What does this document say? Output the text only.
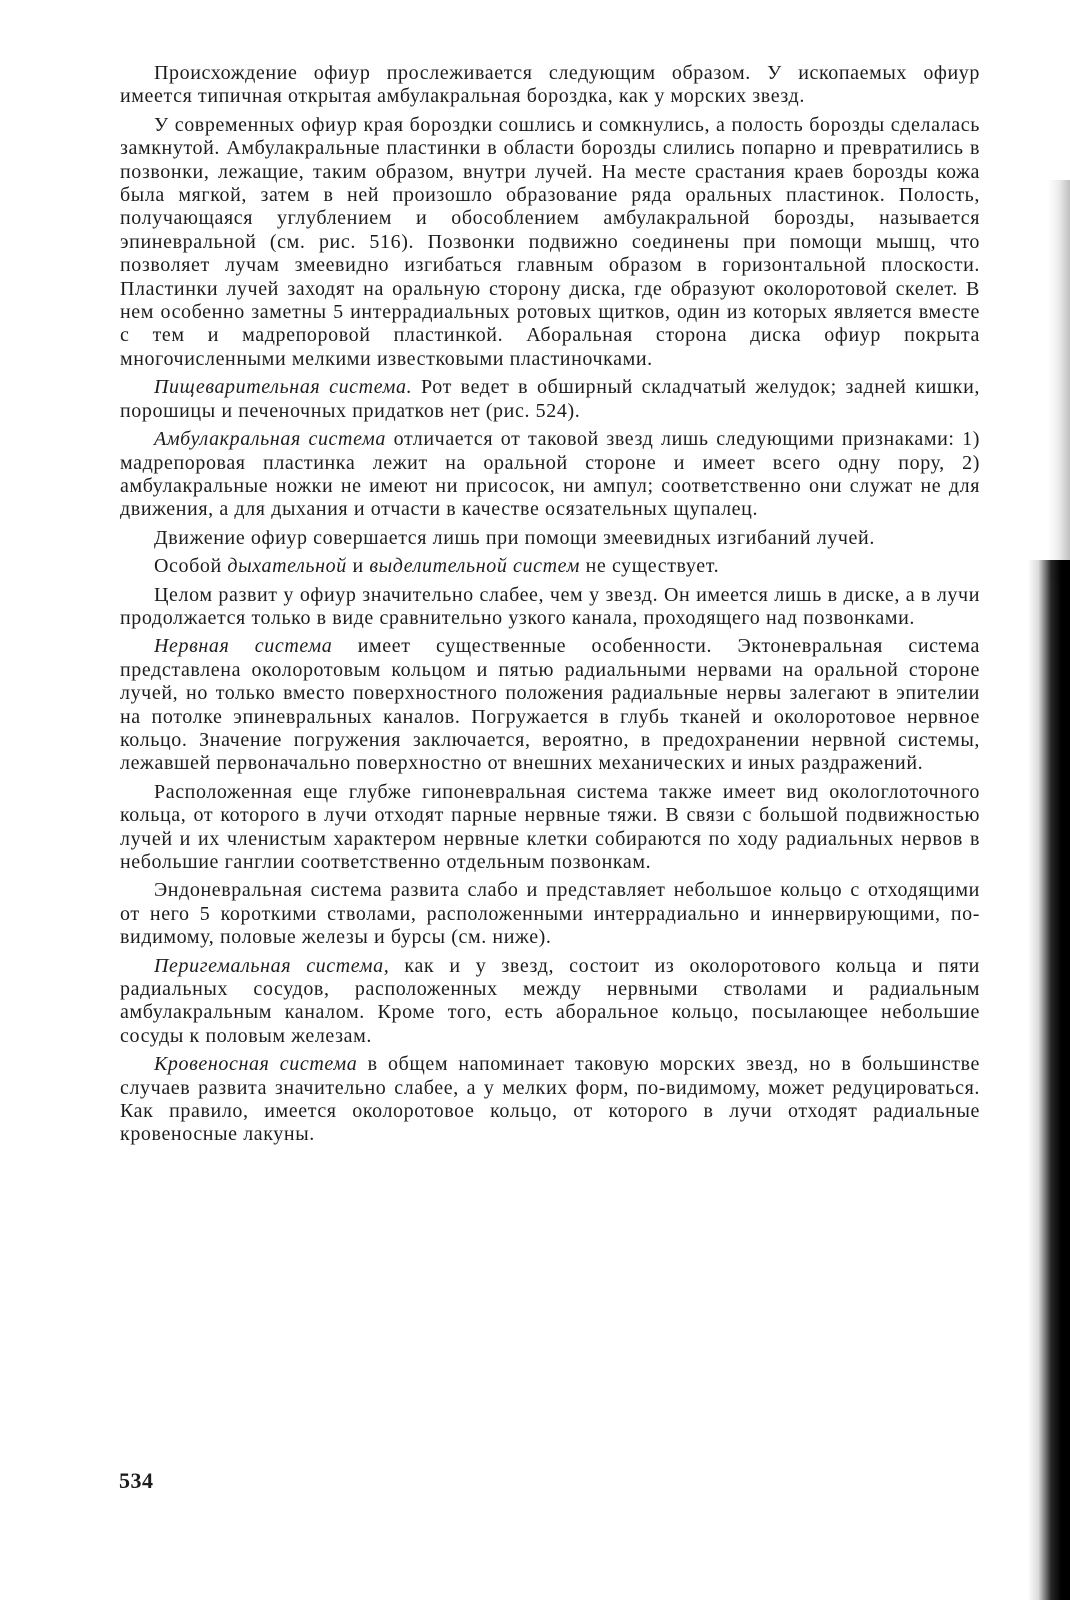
Происхождение офиур прослеживается следующим образом. У ископаемых офиур имеется типичная открытая амбулакральная бороздка, как у морских звезд.

У современных офиур края бороздки сошлись и сомкнулись, а полость борозды сделалась замкнутой. Амбулакральные пластинки в области борозды слились попарно и превратились в позвонки, лежащие, таким образом, внутри лучей. На месте срастания краев борозды кожа была мягкой, затем в ней произошло образование ряда оральных пластинок. Полость, получающаяся углублением и обособлением амбулакральной борозды, называется эпиневральной (см. рис. 516). Позвонки подвижно соединены при помощи мышц, что позволяет лучам змеевидно изгибаться главным образом в горизонтальной плоскости. Пластинки лучей заходят на оральную сторону диска, где образуют околоротовой скелет. В нем особенно заметны 5 интеррадиальных ротовых щитков, один из которых является вместе с тем и мадрепоровой пластинкой. Аборальная сторона диска офиур покрыта многочисленными мелкими известковыми пластиночками.

Пищеварительная система. Рот ведет в обширный складчатый желудок; задней кишки, порошицы и печеночных придатков нет (рис. 524).

Амбулакральная система отличается от таковой звезд лишь следующими признаками: 1) мадрепоровая пластинка лежит на оральной стороне и имеет всего одну пору, 2) амбулакральные ножки не имеют ни присосок, ни ампул; соответственно они служат не для движения, а для дыхания и отчасти в качестве осязательных щупалец.

Движение офиур совершается лишь при помощи змеевидных изгибаний лучей.

Особой дыхательной и выделительной систем не существует.

Целом развит у офиур значительно слабее, чем у звезд. Он имеется лишь в диске, а в лучи продолжается только в виде сравнительно узкого канала, проходящего над позвонками.

Нервная система имеет существенные особенности. Эктоневральная система представлена околоротовым кольцом и пятью радиальными нервами на оральной стороне лучей, но только вместо поверхностного положения радиальные нервы залегают в эпителии на потолке эпиневральных каналов. Погружается в глубь тканей и околоротовое нервное кольцо. Значение погружения заключается, вероятно, в предохранении нервной системы, лежавшей первоначально поверхностно от внешних механических и иных раздражений.

Расположенная еще глубже гипоневральная система также имеет вид окологлоточного кольца, от которого в лучи отходят парные нервные тяжи. В связи с большой подвижностью лучей и их членистым характером нервные клетки собираются по ходу радиальных нервов в небольшие ганглии соответственно отдельным позвонкам.

Эндоневральная система развита слабо и представляет небольшое кольцо с отходящими от него 5 короткими стволами, расположенными интеррадиально и иннервирующими, по-видимому, половые железы и бурсы (см. ниже).

Перигемальная система, как и у звезд, состоит из околоротового кольца и пяти радиальных сосудов, расположенных между нервными стволами и радиальным амбулакральным каналом. Кроме того, есть аборальное кольцо, посылающее небольшие сосуды к половым железам.

Кровеносная система в общем напоминает таковую морских звезд, но в большинстве случаев развита значительно слабее, а у мелких форм, по-видимому, может редуцироваться. Как правило, имеется околоротовое кольцо, от которого в лучи отходят радиальные кровеносные лакуны.

534
